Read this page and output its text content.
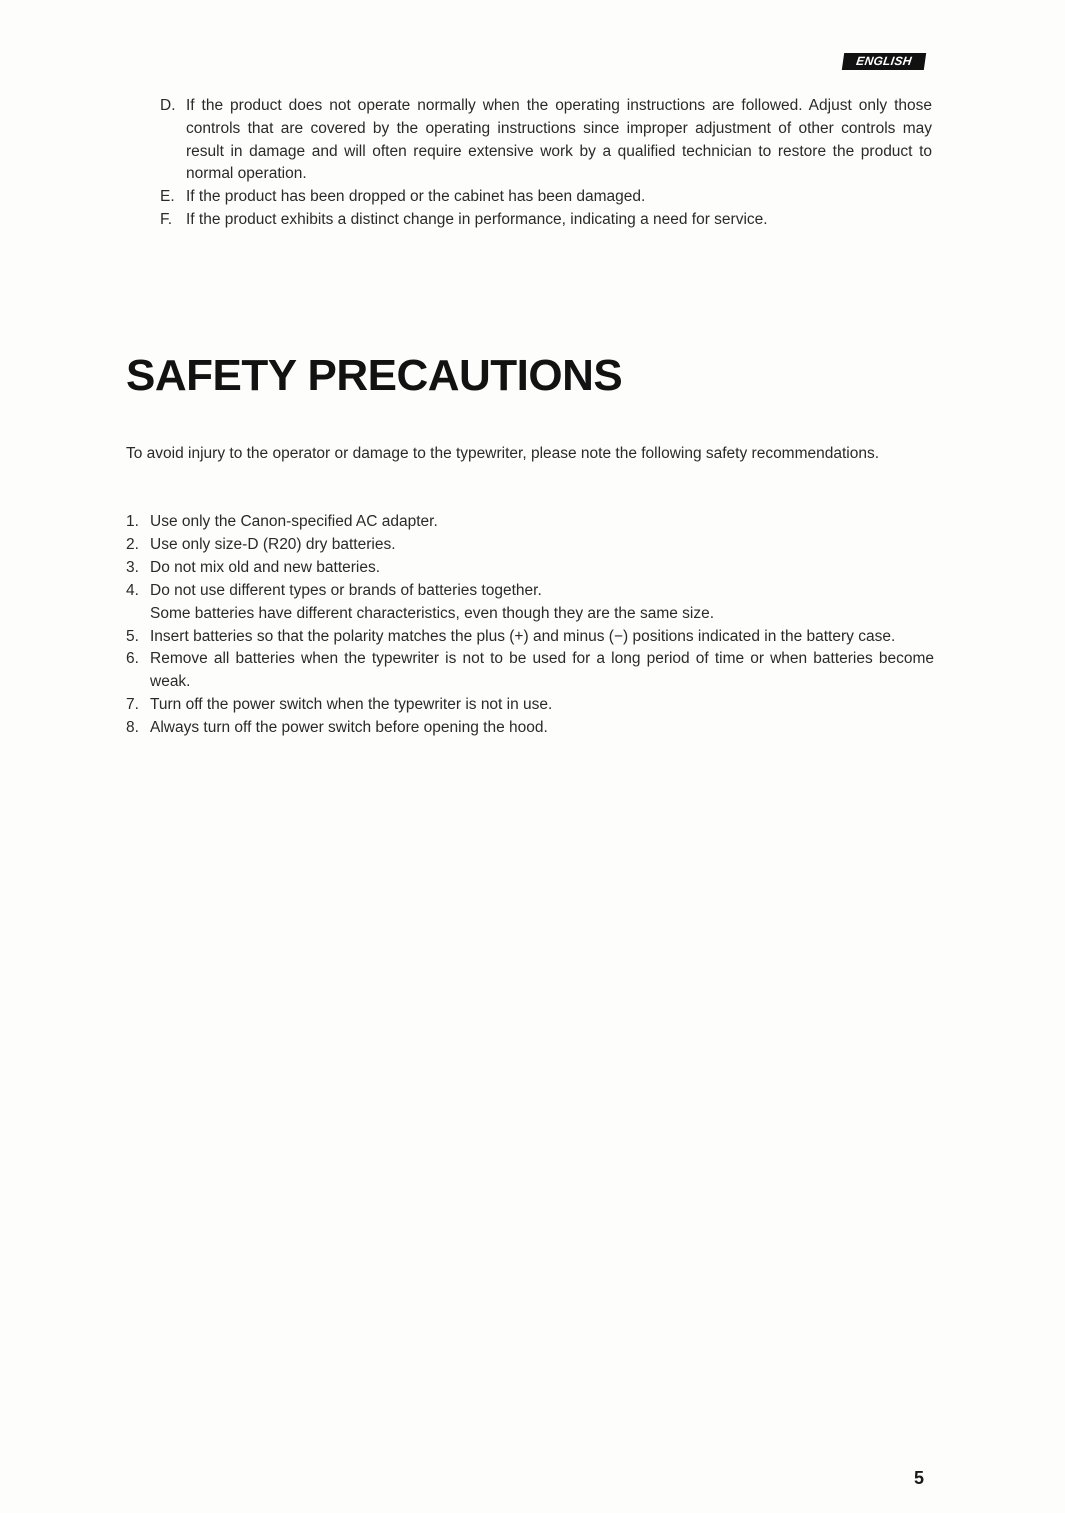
ENGLISH
D. If the product does not operate normally when the operating instructions are followed. Adjust only those controls that are covered by the operating instructions since improper adjustment of other controls may result in damage and will often require extensive work by a qualified technician to restore the product to normal operation.
E. If the product has been dropped or the cabinet has been damaged.
F. If the product exhibits a distinct change in performance, indicating a need for service.
SAFETY PRECAUTIONS

To avoid injury to the operator or damage to the typewriter, please note the following safety recommendations.

1. Use only the Canon-specified AC adapter.
2. Use only size-D (R20) dry batteries.
3. Do not mix old and new batteries.
4. Do not use different types or brands of batteries together.
Some batteries have different characteristics, even though they are the same size.
5. Insert batteries so that the polarity matches the plus (+) and minus (−) positions indicated in the battery case.
6. Remove all batteries when the typewriter is not to be used for a long period of time or when batteries become weak.
7. Turn off the power switch when the typewriter is not in use.
8. Always turn off the power switch before opening the hood.
5
